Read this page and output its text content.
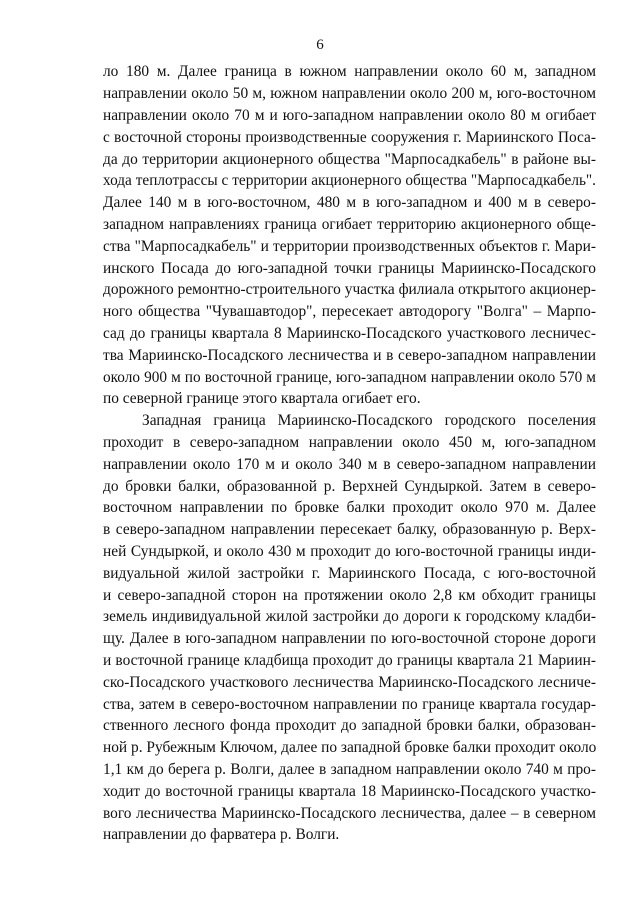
6
ло 180 м. Далее граница в южном направлении около 60 м, западном
направлении около 50 м, южном направлении около 200 м, юго-восточном
направлении около 70 м и юго-западном направлении около 80 м огибает
с восточной стороны производственные сооружения г. Мариинского Поса-
да до территории акционерного общества "Марпосадкабель" в районе вы-
хода теплотрассы с территории акционерного общества "Марпосадкабель".
Далее 140 м в юго-восточном, 480 м в юго-западном и 400 м в северо-
западном направлениях граница огибает территорию акционерного обще-
ства "Марпосадкабель" и территории производственных объектов г. Мари-
инского Посада до юго-западной точки границы Мариинско-Посадского
дорожного ремонтно-строительного участка филиала открытого акционер-
ного общества "Чувашавтодор", пересекает автодорогу "Волга" – Марпо-
сад до границы квартала 8 Мариинско-Посадского участкового лесничес-
тва Мариинско-Посадского лесничества и в северо-западном направлении
около 900 м по восточной границе, юго-западном направлении около 570 м
по северной границе этого квартала огибает его.
Западная граница Мариинско-Посадского городского поселения
проходит в северо-западном направлении около 450 м, юго-западном
направлении около 170 м и около 340 м в северо-западном направлении
до бровки балки, образованной р. Верхней Сундыркой. Затем в северо-
восточном направлении по бровке балки проходит около 970 м. Далее
в северо-западном направлении пересекает балку, образованную р. Верх-
ней Сундыркой, и около 430 м проходит до юго-восточной границы инди-
видуальной жилой застройки г. Мариинского Посада, с юго-восточной
и северо-западной сторон на протяжении около 2,8 км обходит границы
земель индивидуальной жилой застройки до дороги к городскому кладби-
щу. Далее в юго-западном направлении по юго-восточной стороне дороги
и восточной границе кладбища проходит до границы квартала 21 Мариин-
ско-Посадского участкового лесничества Мариинско-Посадского лесниче-
ства, затем в северо-восточном направлении по границе квартала государ-
ственного лесного фонда проходит до западной бровки балки, образован-
ной р. Рубежным Ключом, далее по западной бровке балки проходит около
1,1 км до берега р. Волги, далее в западном направлении около 740 м про-
ходит до восточной границы квартала 18 Мариинско-Посадского участко-
вого лесничества Мариинско-Посадского лесничества, далее – в северном
направлении до фарватера р. Волги.
